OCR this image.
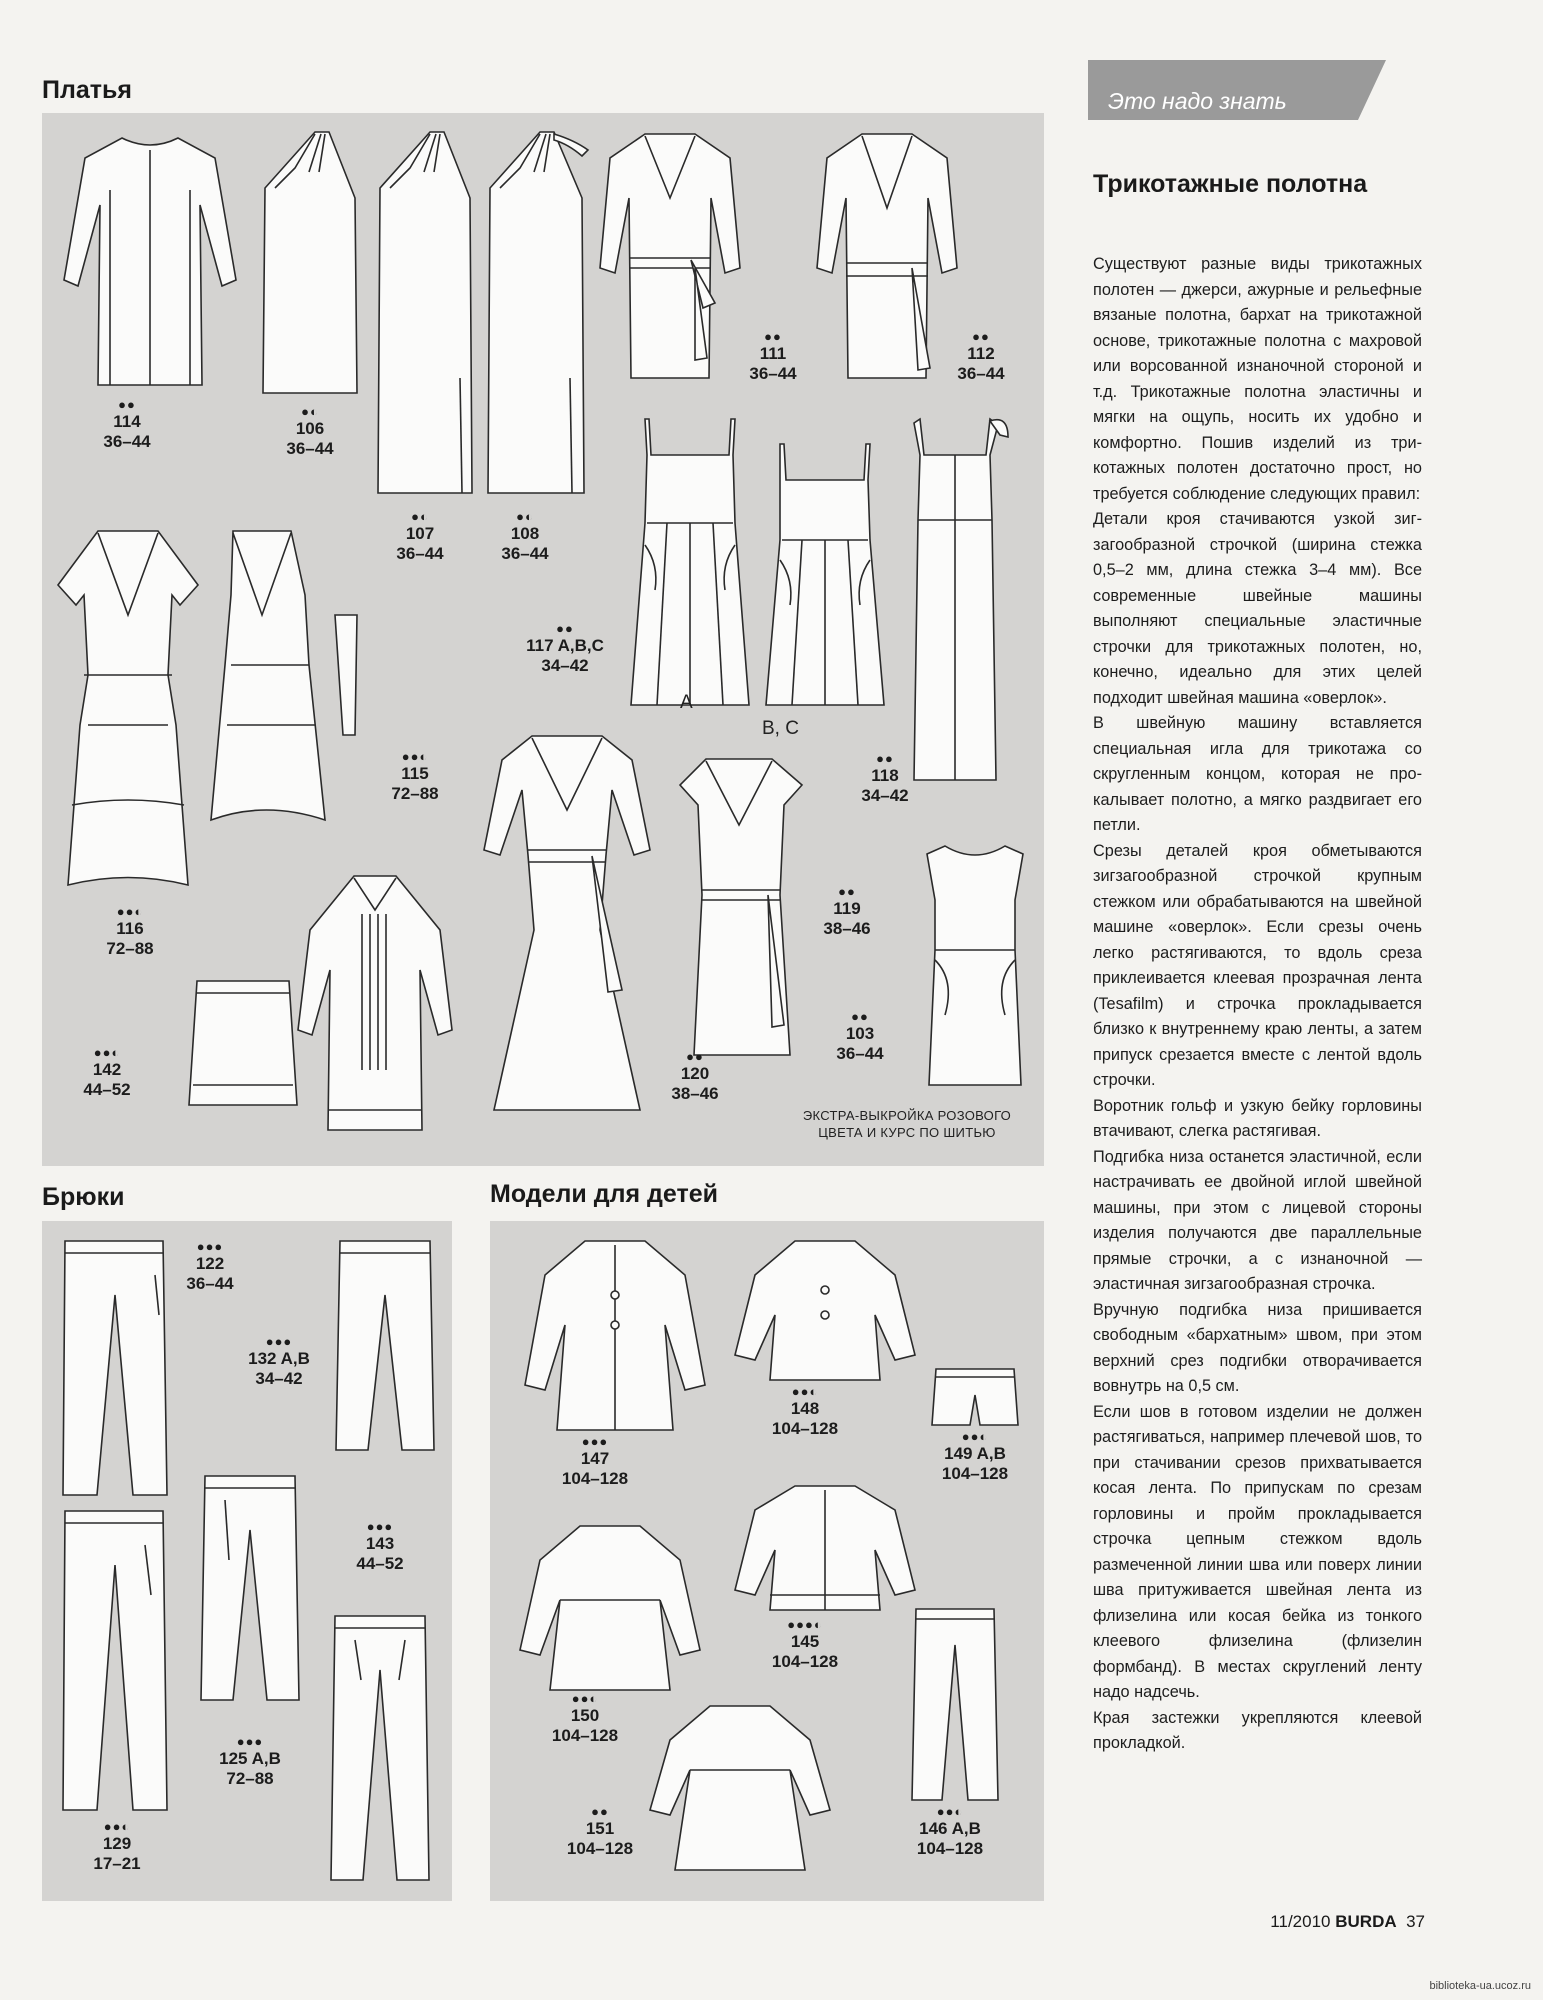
Платья
Брюки	Модели для детей
●●
114
36–44
●◐
106
36–44
●◐
107
36–44
●◐
108
36–44
●●
111
36–44
●●
112
36–44
●●
117 A,B,C
34–42
●●◐
115
72–88
●●
118
34–42
●●◐
116
72–88
●●
119
38–46
●●◐
142
44–52
●●
103
36–44
●●
120
38–46
A
B, C
ЭКСТРА-ВЫКРОЙКА РОЗОВОГО ЦВЕТА И КУРС ПО ШИТЬЮ
●●●
122
36–44
●●●
132 A,B
34–42
●●●
143
44–52
●●●
125 A,B
72–88
●●◐
129
17–21
●●●
147
104–128
●●◐
148
104–128	●●◐
149 A,B
104–128
●●●◐
145
104–128
●●◐
150
104–128
●●
151
104–128
●●◐
146 A,B
104–128
Это надо знать
Трикотажные полотна

Существуют разные виды трикотажных полотен — джерси, ажурные и рельефные вязаные полотна, бархат на трикотажной основе, трикотажные полотна с махровой или ворсованной изнаночной стороной и т.д. Трикотажные полотна эластичны и мягки на ощупь, носить их удобно и комфортно. Пошив изделий из трикотажных полотен достаточно прост, но требуется соблюдение следующих правил:

Детали кроя стачиваются узкой зигзагообразной строчкой (ширина стежка 0,5–2 мм, длина стежка 3–4 мм). Все современные швейные машины выполняют специальные эластичные строчки для трикотажных полотен, но, конечно, идеально для этих целей подходит швейная машина «оверлок».

В швейную машину вставляется специальная игла для трикотажа со скругленным концом, которая не прокалывает полотно, а мягко раздвигает его петли.

Срезы деталей кроя обметываются зигзагообразной строчкой крупным стежком или обрабатываются на швейной машине «оверлок». Если срезы очень легко растягиваются, то вдоль среза приклеивается клеевая прозрачная лента (Tesafilm) и строчка прокладывается близко к внутреннему краю ленты, а затем припуск срезается вместе с лентой вдоль строчки.

Воротник гольф и узкую бейку горловины втачивают, слегка растягивая.

Подгибка низа останется эластичной, если настрачивать ее двойной иглой швейной машины, при этом с лицевой стороны изделия получаются две параллельные прямые строчки, а с изнаночной — эластичная зигзагообразная строчка.

Вручную подгибка низа пришивается свободным «бархатным» швом, при этом верхний срез подгибки отворачивается вовнутрь на 0,5 см.

Если шов в готовом изделии не должен растягиваться, например плечевой шов, то при стачивании срезов прихватывается косая лента. По припускам по срезам горловины и пройм прокладывается строчка цепным стежком вдоль размеченной линии шва или поверх линии шва притуживается швейная лента из флизелина или косая бейка из тонкого клеевого флизелина (флизелин формбанд). В местах скруглений ленту надо надсечь.

Края застежки укрепляются клеевой прокладкой.

11/2010 BURDA 37
biblioteka-ua.ucoz.ru
